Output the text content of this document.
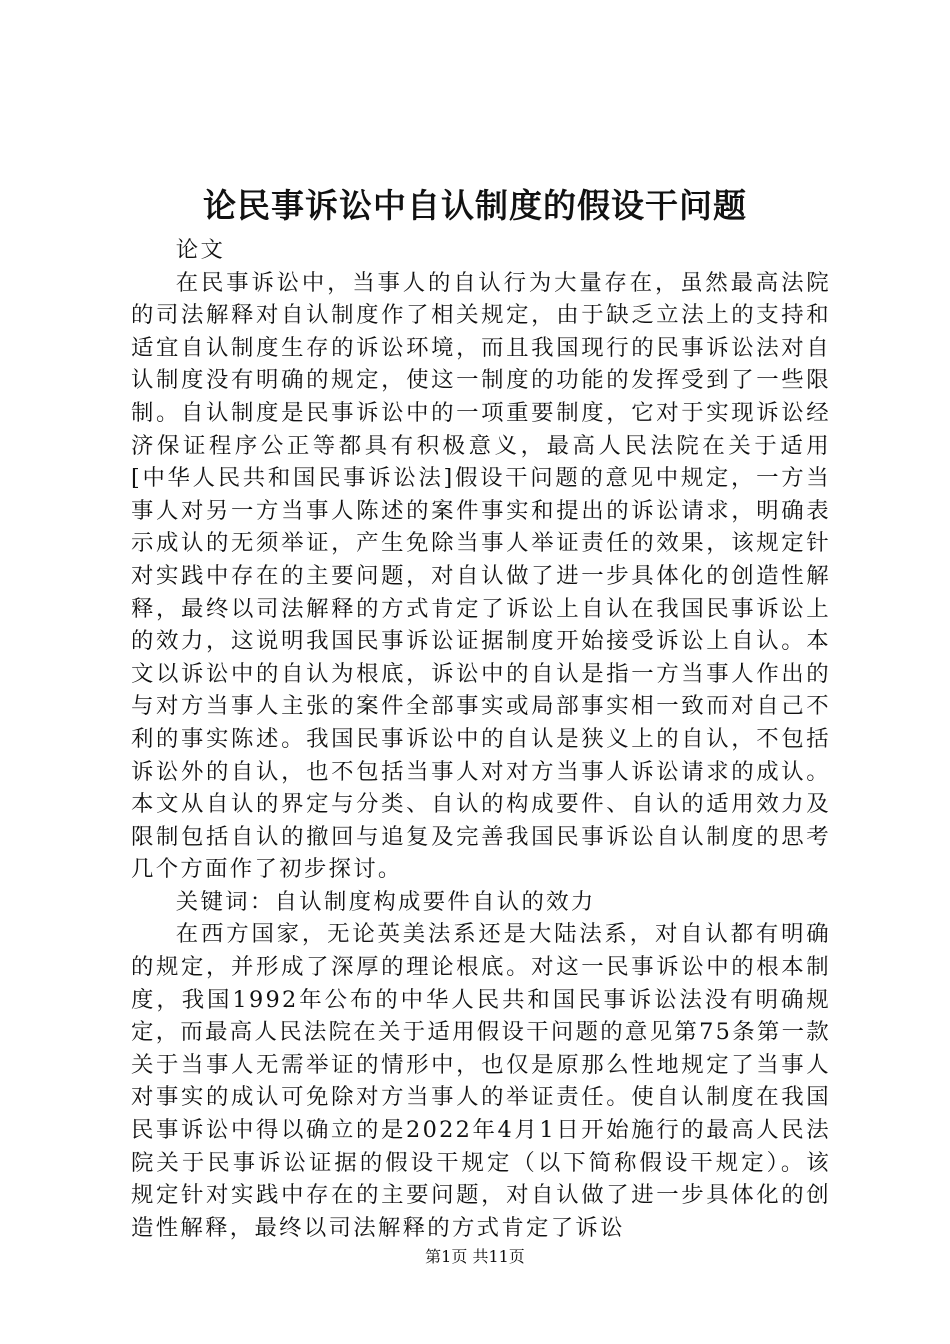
论民事诉讼中自认制度的假设干问题

论文

在民事诉讼中，当事人的自认行为大量存在，虽然最高法院的司法解释对自认制度作了相关规定，由于缺乏立法上的支持和适宜自认制度生存的诉讼环境，而且我国现行的民事诉讼法对自认制度没有明确的规定，使这一制度的功能的发挥受到了一些限制。自认制度是民事诉讼中的一项重要制度，它对于实现诉讼经济保证程序公正等都具有积极意义，最高人民法院在关于适用[中华人民共和国民事诉讼法]假设干问题的意见中规定，一方当事人对另一方当事人陈述的案件事实和提出的诉讼请求，明确表示成认的无须举证，产生免除当事人举证责任的效果，该规定针对实践中存在的主要问题，对自认做了进一步具体化的创造性解释，最终以司法解释的方式肯定了诉讼上自认在我国民事诉讼上的效力，这说明我国民事诉讼证据制度开始接受诉讼上自认。本文以诉讼中的自认为根底，诉讼中的自认是指一方当事人作出的与对方当事人主张的案件全部事实或局部事实相一致而对自己不利的事实陈述。我国民事诉讼中的自认是狭义上的自认，不包括诉讼外的自认，也不包括当事人对对方当事人诉讼请求的成认。本文从自认的界定与分类、自认的构成要件、自认的适用效力及限制包括自认的撤回与追复及完善我国民事诉讼自认制度的思考几个方面作了初步探讨。

关键词：自认制度构成要件自认的效力

在西方国家，无论英美法系还是大陆法系，对自认都有明确的规定，并形成了深厚的理论根底。对这一民事诉讼中的根本制度，我国1992年公布的中华人民共和国民事诉讼法没有明确规定，而最高人民法院在关于适用假设干问题的意见第75条第一款关于当事人无需举证的情形中，也仅是原那么性地规定了当事人对事实的成认可免除对方当事人的举证责任。使自认制度在我国民事诉讼中得以确立的是2022年4月1日开始施行的最高人民法院关于民事诉讼证据的假设干规定（以下简称假设干规定）。该规定针对实践中存在的主要问题，对自认做了进一步具体化的创造性解释，最终以司法解释的方式肯定了诉讼

第1页 共11页
